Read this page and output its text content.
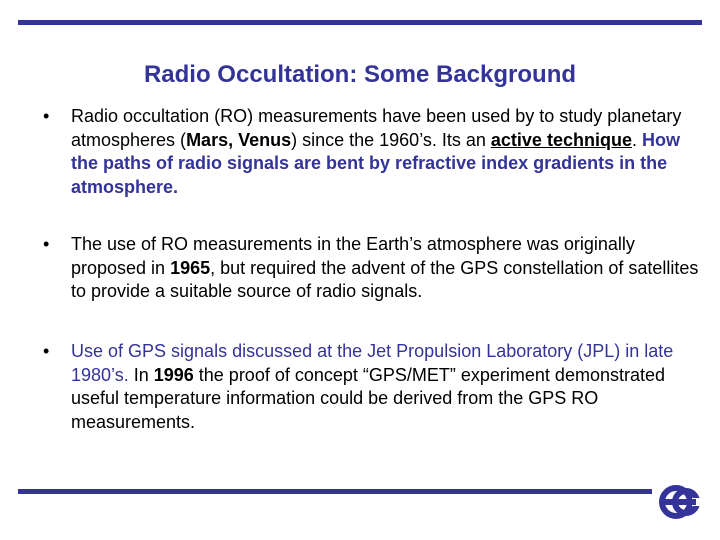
Radio Occultation: Some Background
• Radio occultation (RO) measurements have been used by to study planetary atmospheres (Mars, Venus) since the 1960’s. Its an active technique. How the paths of radio signals are bent by refractive index gradients in the atmosphere.
• The use of RO measurements in the Earth’s atmosphere was originally proposed in 1965, but required the advent of the GPS constellation of satellites to provide a suitable source of radio signals.
• Use of GPS signals discussed at the Jet Propulsion Laboratory (JPL) in late 1980’s. In 1996 the proof of concept “GPS/MET” experiment demonstrated useful temperature information could be derived from the GPS RO measurements.
